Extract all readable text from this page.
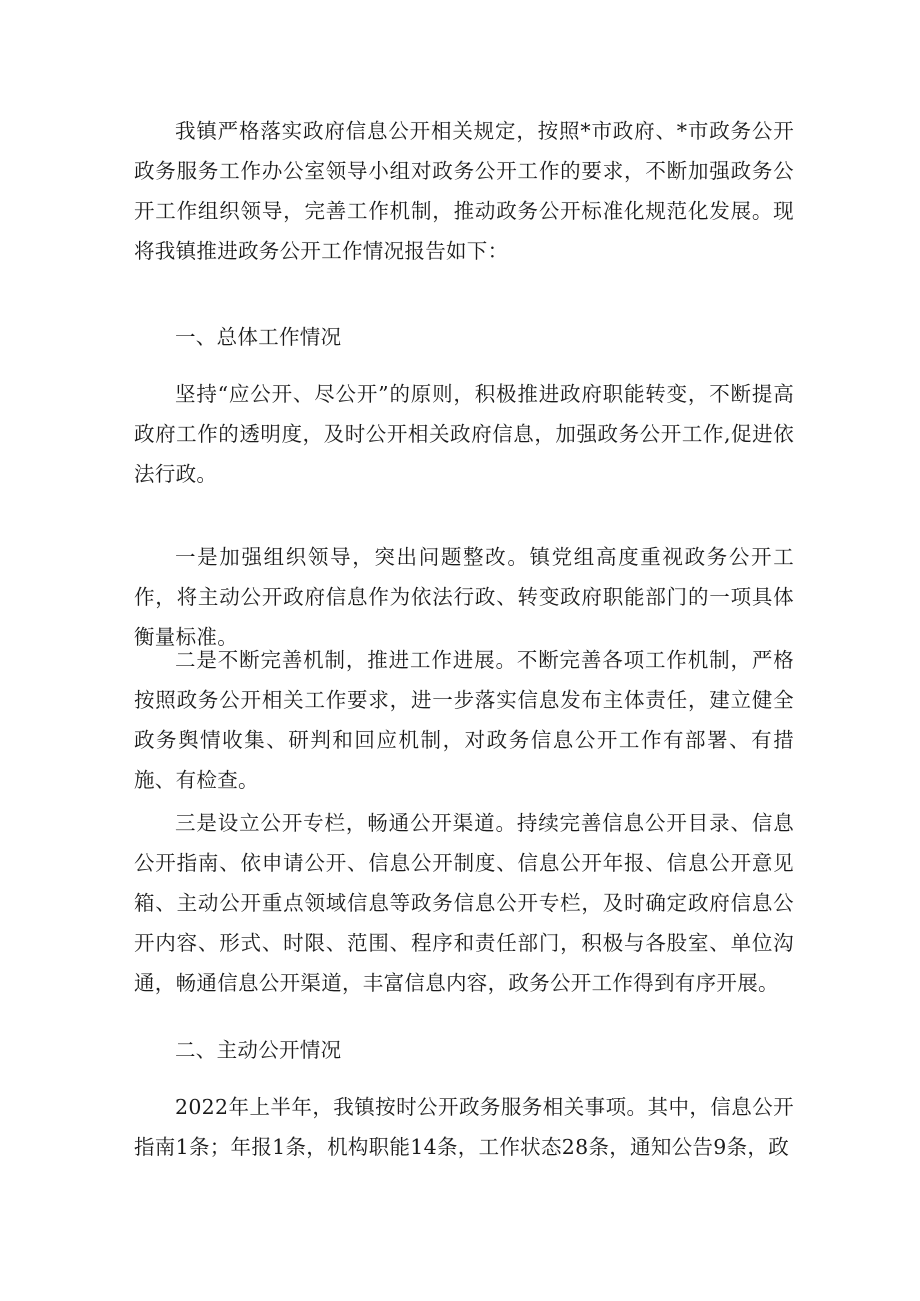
我镇严格落实政府信息公开相关规定，按照*市政府、*市政务公开政务服务工作办公室领导小组对政务公开工作的要求，不断加强政务公开工作组织领导，完善工作机制，推动政务公开标准化规范化发展。现将我镇推进政务公开工作情况报告如下：

一、总体工作情况

坚持“应公开、尽公开”的原则，积极推进政府职能转变，不断提高政府工作的透明度，及时公开相关政府信息，加强政务公开工作,促进依法行政。

一是加强组织领导，突出问题整改。镇党组高度重视政务公开工作，将主动公开政府信息作为依法行政、转变政府职能部门的一项具体衡量标准。

二是不断完善机制，推进工作进展。不断完善各项工作机制，严格按照政务公开相关工作要求，进一步落实信息发布主体责任，建立健全政务舆情收集、研判和回应机制，对政务信息公开工作有部署、有措施、有检查。

三是设立公开专栏，畅通公开渠道。持续完善信息公开目录、信息公开指南、依申请公开、信息公开制度、信息公开年报、信息公开意见箱、主动公开重点领域信息等政务信息公开专栏，及时确定政府信息公开内容、形式、时限、范围、程序和责任部门，积极与各股室、单位沟通，畅通信息公开渠道，丰富信息内容，政务公开工作得到有序开展。

二、主动公开情况

2022年上半年，我镇按时公开政务服务相关事项。其中，信息公开指南1条；年报1条，机构职能14条，工作状态28条，通知公告9条，政
